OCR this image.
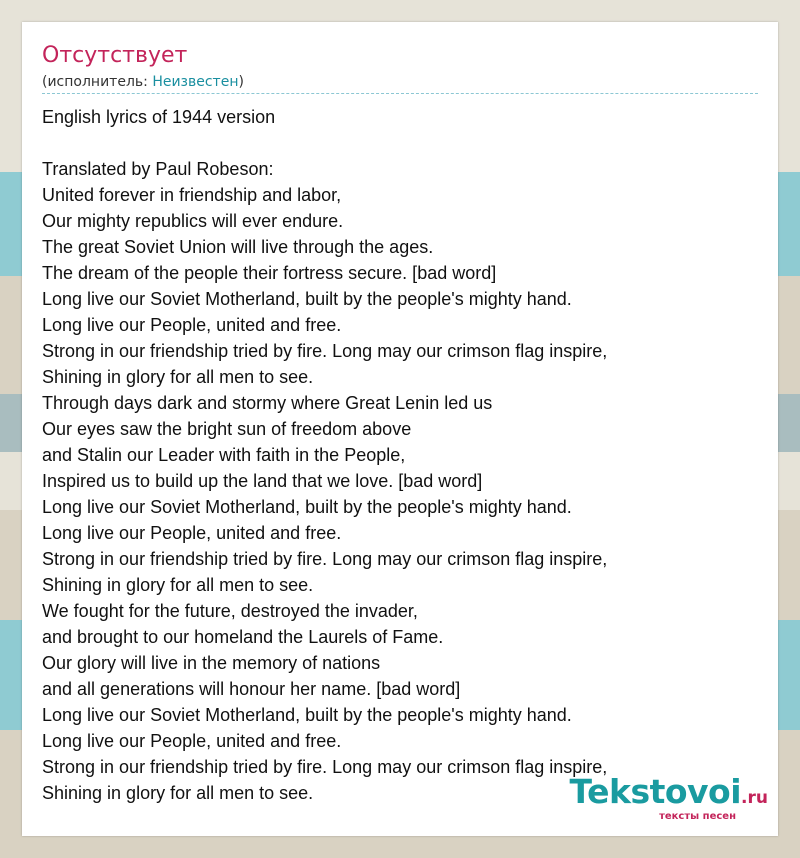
Отсутствует
(исполнитель: Неизвестен)
English lyrics of 1944 version
Translated by Paul Robeson:
United forever in friendship and labor,
Our mighty republics will ever endure.
The great Soviet Union will live through the ages.
The dream of the people their fortress secure. [bad word]
Long live our Soviet Motherland, built by the people's mighty hand.
Long live our People, united and free.
Strong in our friendship tried by fire. Long may our crimson flag inspire,
Shining in glory for all men to see.
Through days dark and stormy where Great Lenin led us
Our eyes saw the bright sun of freedom above
and Stalin our Leader with faith in the People,
Inspired us to build up the land that we love. [bad word]
Long live our Soviet Motherland, built by the people's mighty hand.
Long live our People, united and free.
Strong in our friendship tried by fire. Long may our crimson flag inspire,
Shining in glory for all men to see.
We fought for the future, destroyed the invader,
and brought to our homeland the Laurels of Fame.
Our glory will live in the memory of nations
and all generations will honour her name. [bad word]
Long live our Soviet Motherland, built by the people's mighty hand.
Long live our People, united and free.
Strong in our friendship tried by fire. Long may our crimson flag inspire,
Shining in glory for all men to see.	Tekstovoi.ru
тексты песен
